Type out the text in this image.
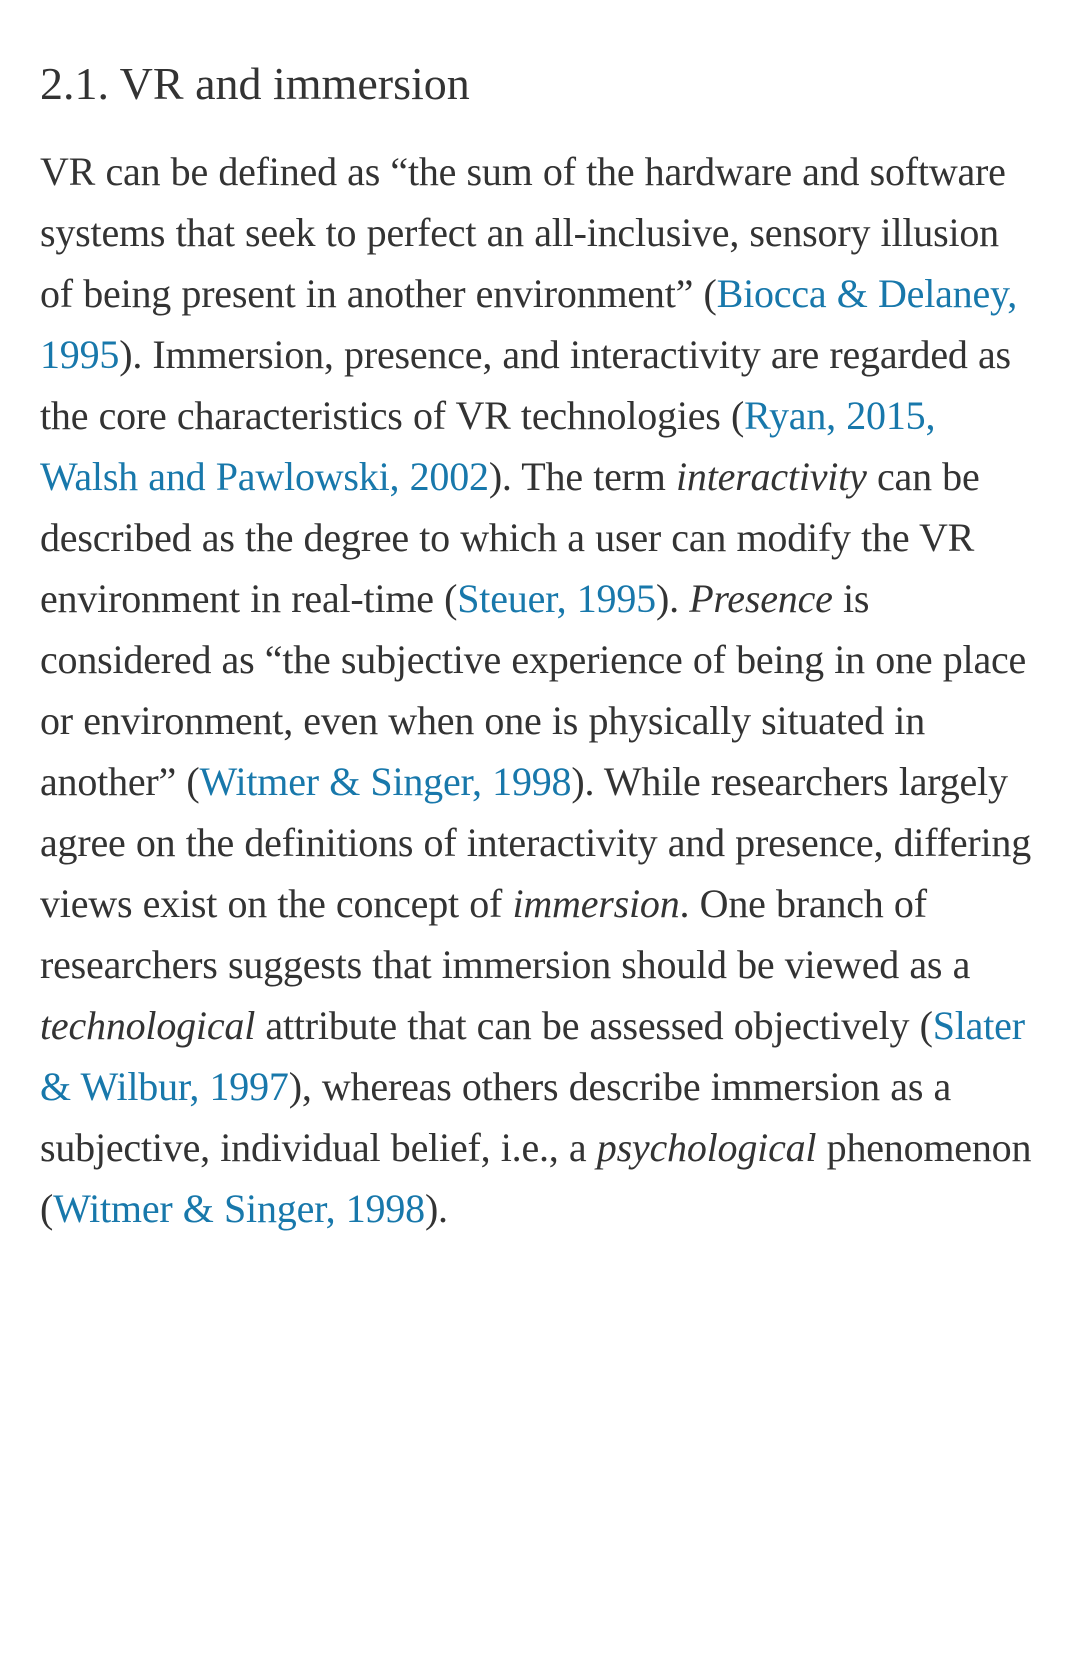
2.1. VR and immersion

VR can be defined as “the sum of the hardware and software systems that seek to perfect an all-inclusive, sensory illusion of being present in another environment” (Biocca & Delaney, 1995). Immersion, presence, and interactivity are regarded as the core characteristics of VR technologies (Ryan, 2015, Walsh and Pawlowski, 2002). The term interactivity can be described as the degree to which a user can modify the VR environment in real-time (Steuer, 1995). Presence is considered as “the subjective experience of being in one place or environment, even when one is physically situated in another” (Witmer & Singer, 1998). While researchers largely agree on the definitions of interactivity and presence, differing views exist on the concept of immersion. One branch of researchers suggests that immersion should be viewed as a technological attribute that can be assessed objectively (Slater & Wilbur, 1997), whereas others describe immersion as a subjective, individual belief, i.e., a psychological phenomenon (Witmer & Singer, 1998).
